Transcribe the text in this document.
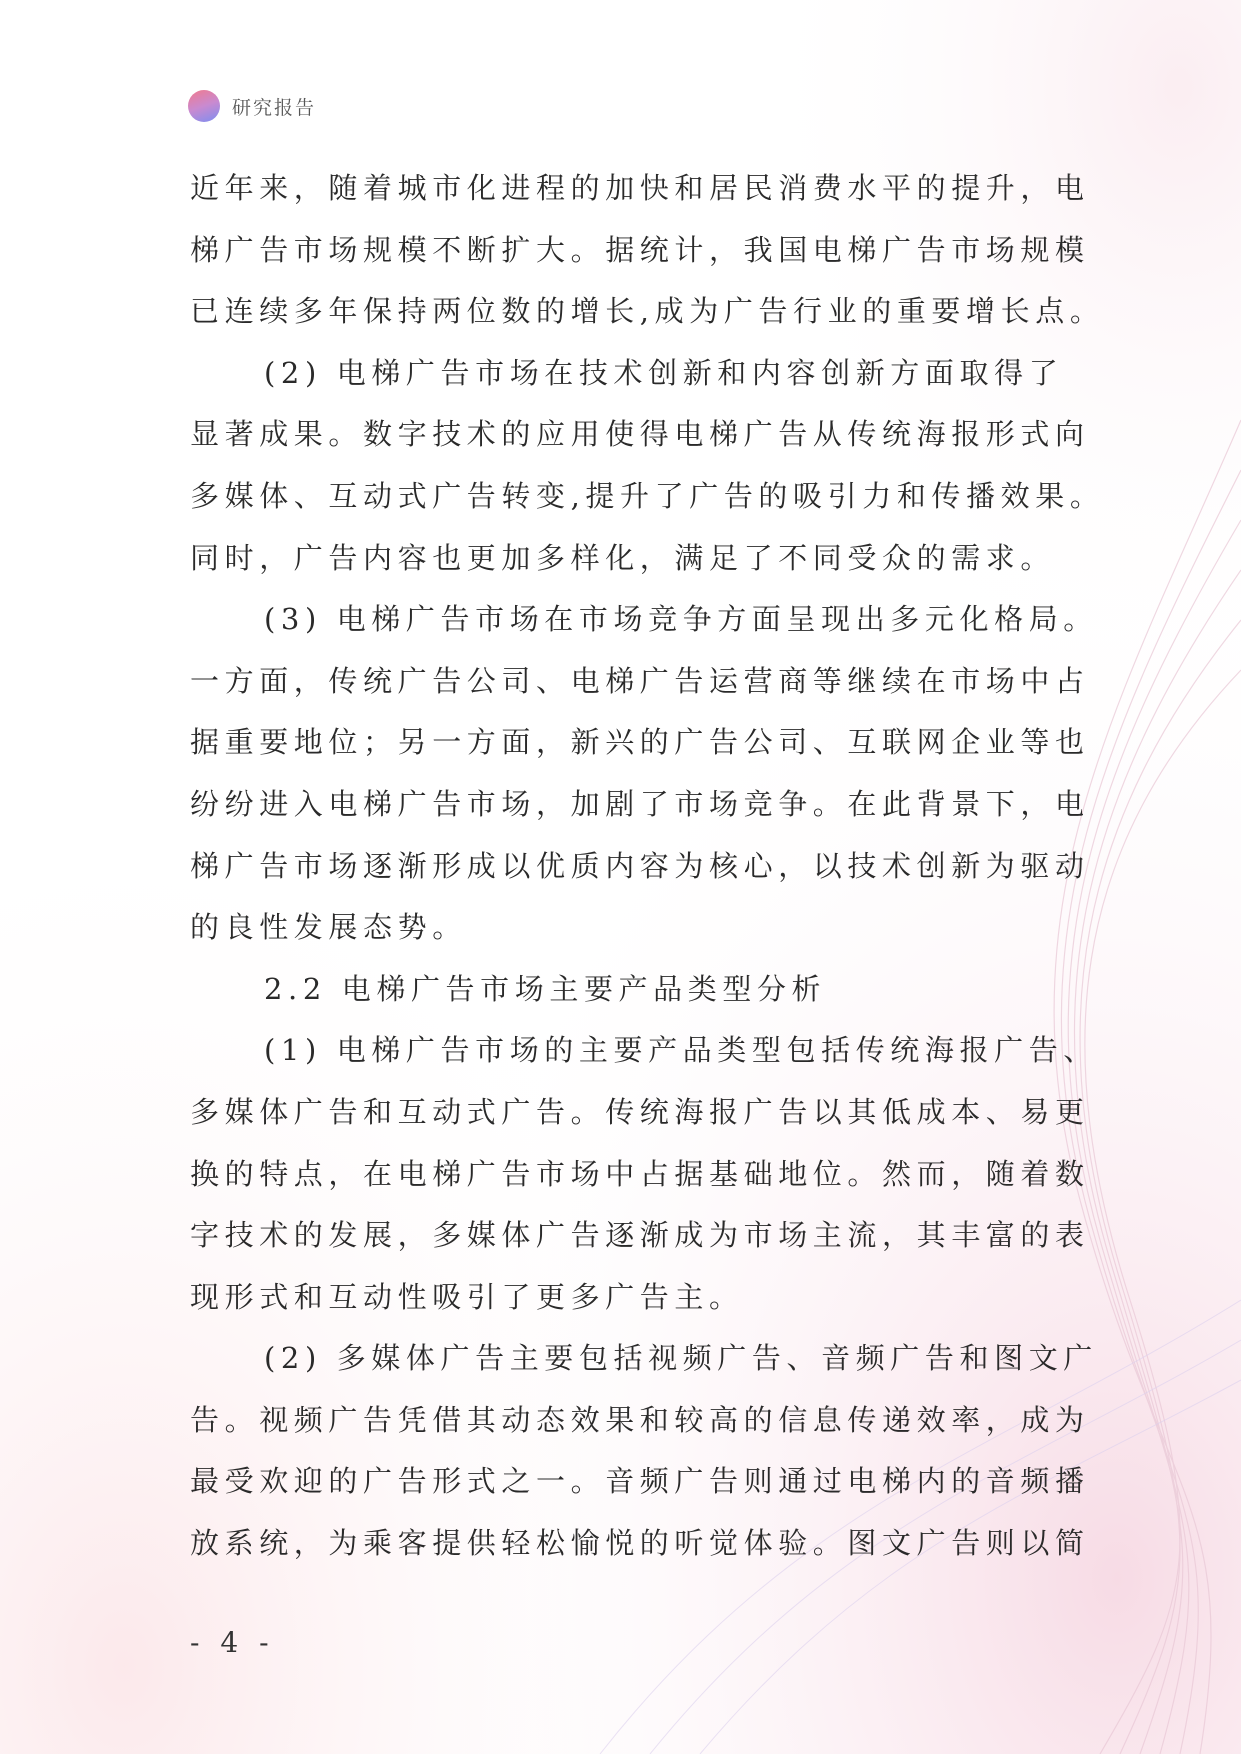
研究报告
近年来，随着城市化进程的加快和居民消费水平的提升，电
梯广告市场规模不断扩大。据统计，我国电梯广告市场规模
已连续多年保持两位数的增长,成为广告行业的重要增长点。
(2) 电梯广告市场在技术创新和内容创新方面取得了
显著成果。数字技术的应用使得电梯广告从传统海报形式向
多媒体、互动式广告转变,提升了广告的吸引力和传播效果。
同时，广告内容也更加多样化，满足了不同受众的需求。
(3) 电梯广告市场在市场竞争方面呈现出多元化格局。
一方面，传统广告公司、电梯广告运营商等继续在市场中占
据重要地位；另一方面，新兴的广告公司、互联网企业等也
纷纷进入电梯广告市场，加剧了市场竞争。在此背景下，电
梯广告市场逐渐形成以优质内容为核心，以技术创新为驱动
的良性发展态势。
2.2 电梯广告市场主要产品类型分析
(1) 电梯广告市场的主要产品类型包括传统海报广告、
多媒体广告和互动式广告。传统海报广告以其低成本、易更
换的特点，在电梯广告市场中占据基础地位。然而，随着数
字技术的发展，多媒体广告逐渐成为市场主流，其丰富的表
现形式和互动性吸引了更多广告主。
(2) 多媒体广告主要包括视频广告、音频广告和图文广
告。视频广告凭借其动态效果和较高的信息传递效率，成为
最受欢迎的广告形式之一。音频广告则通过电梯内的音频播
放系统，为乘客提供轻松愉悦的听觉体验。图文广告则以简
- 4 -
